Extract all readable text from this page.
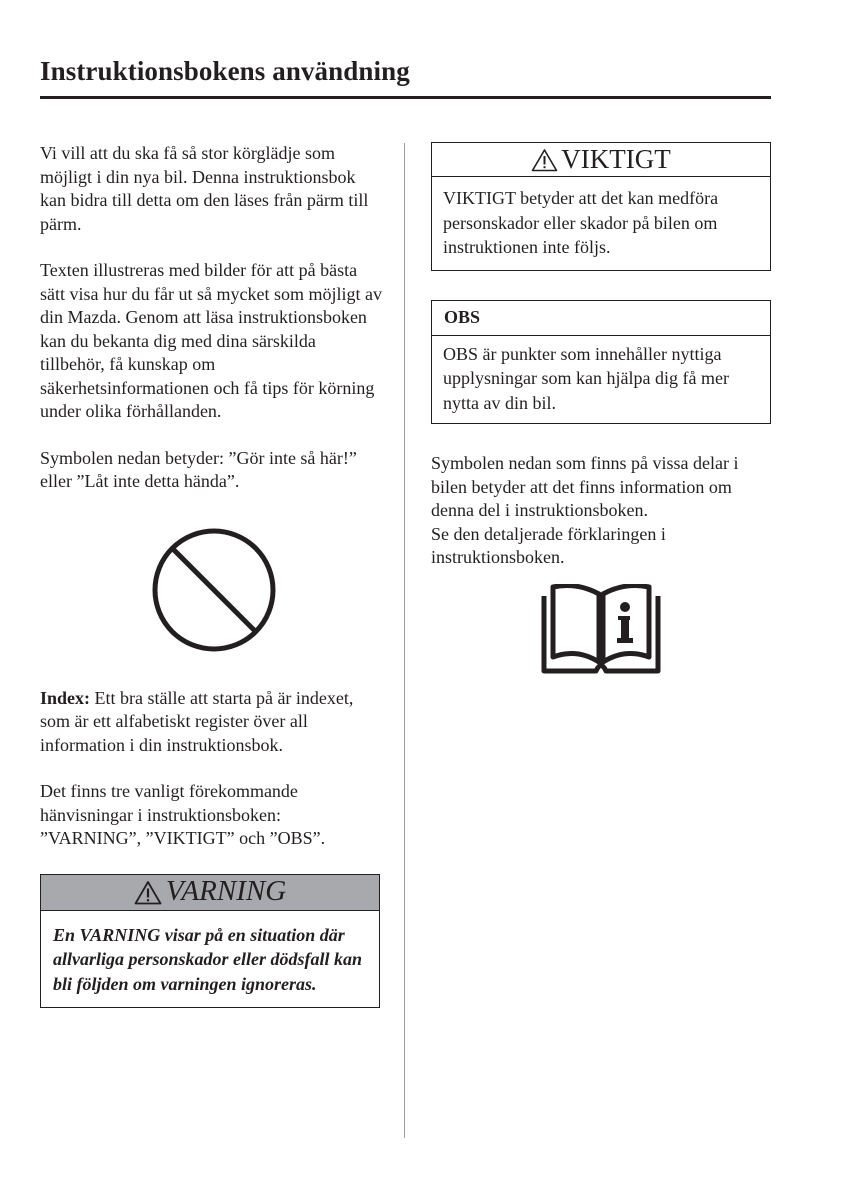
Instruktionsbokens användning

Vi vill att du ska få så stor körglädje som möjligt i din nya bil. Denna instruktionsbok kan bidra till detta om den läses från pärm till pärm.

Texten illustreras med bilder för att på bästa sätt visa hur du får ut så mycket som möjligt av din Mazda. Genom att läsa instruktionsboken kan du bekanta dig med dina särskilda tillbehör, få kunskap om säkerhetsinformationen och få tips för körning under olika förhållanden.

Symbolen nedan betyder: ”Gör inte så här!” eller ”Låt inte detta hända”.

Index: Ett bra ställe att starta på är indexet, som är ett alfabetiskt register över all information i din instruktionsbok.

Det finns tre vanligt förekommande hänvisningar i instruktionsboken: ”VARNING”, ”VIKTIGT” och ”OBS”.

VARNING
En VARNING visar på en situation där allvarliga personskador eller dödsfall kan bli följden om varningen ignoreras.
VIKTIGT
VIKTIGT betyder att det kan medföra personskador eller skador på bilen om instruktionen inte följs.
OBS
OBS är punkter som innehåller nyttiga upplysningar som kan hjälpa dig få mer nytta av din bil.

Symbolen nedan som finns på vissa delar i bilen betyder att det finns information om denna del i instruktionsboken.

Se den detaljerade förklaringen i instruktionsboken.
